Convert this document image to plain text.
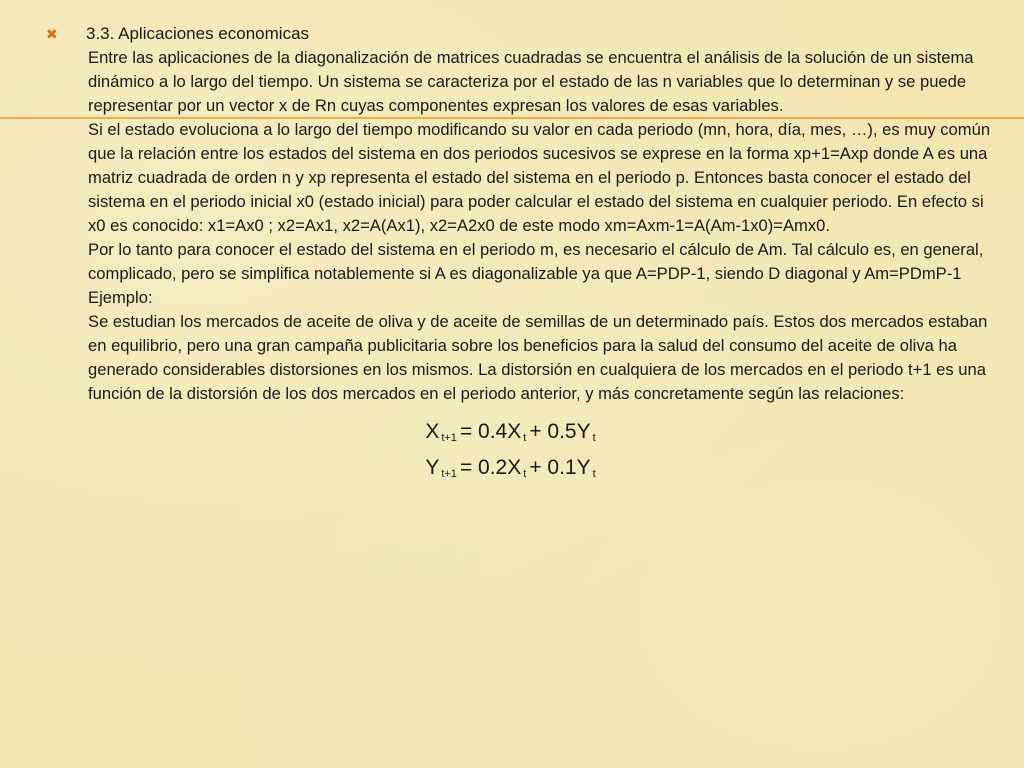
✖	3.3. Aplicaciones economicas

Entre las aplicaciones de la diagonalización de matrices cuadradas se encuentra el análisis de la solución de un sistema dinámico a lo largo del tiempo. Un sistema se caracteriza por el estado de las n variables que lo determinan y se puede representar por un vector x de Rn cuyas componentes expresan los valores de esas variables.

Si el estado evoluciona a lo largo del tiempo modificando su valor en cada periodo (mn, hora, día, mes, …), es muy común que la relación entre los estados del sistema en dos periodos sucesivos se exprese en la forma xp+1=Axp donde A es una matriz cuadrada de orden n y xp representa el estado del sistema en el periodo p. Entonces basta conocer el estado del sistema en el periodo inicial x0 (estado inicial) para poder calcular el estado del sistema en cualquier periodo. En efecto si x0 es conocido: x1=Ax0 ; x2=Ax1, x2=A(Ax1), x2=A2x0 de este modo xm=Axm-1=A(Am-1x0)=Amx0.

Por lo tanto para conocer el estado del sistema en el periodo m, es necesario el cálculo de Am. Tal cálculo es, en general, complicado, pero se simplifica notablemente si A es diagonalizable ya que A=PDP-1, siendo D diagonal y Am=PDmP-1

Ejemplo:

Se estudian los mercados de aceite de oliva y de aceite de semillas de un determinado país. Estos dos mercados estaban en equilibrio, pero una gran campaña publicitaria sobre los beneficios para la salud del consumo del aceite de oliva ha generado considerables distorsiones en los mismos. La distorsión en cualquiera de los mercados en el periodo t+1 es una función de la distorsión de los dos mercados en el periodo anterior, y más concretamente según las relaciones:

X $_{t+1}$ = 0.4X $_t$ + 0.5Y $_t$
Y $_{t+1}$ = 0.2X $_t$ + 0.1Y $_t$
